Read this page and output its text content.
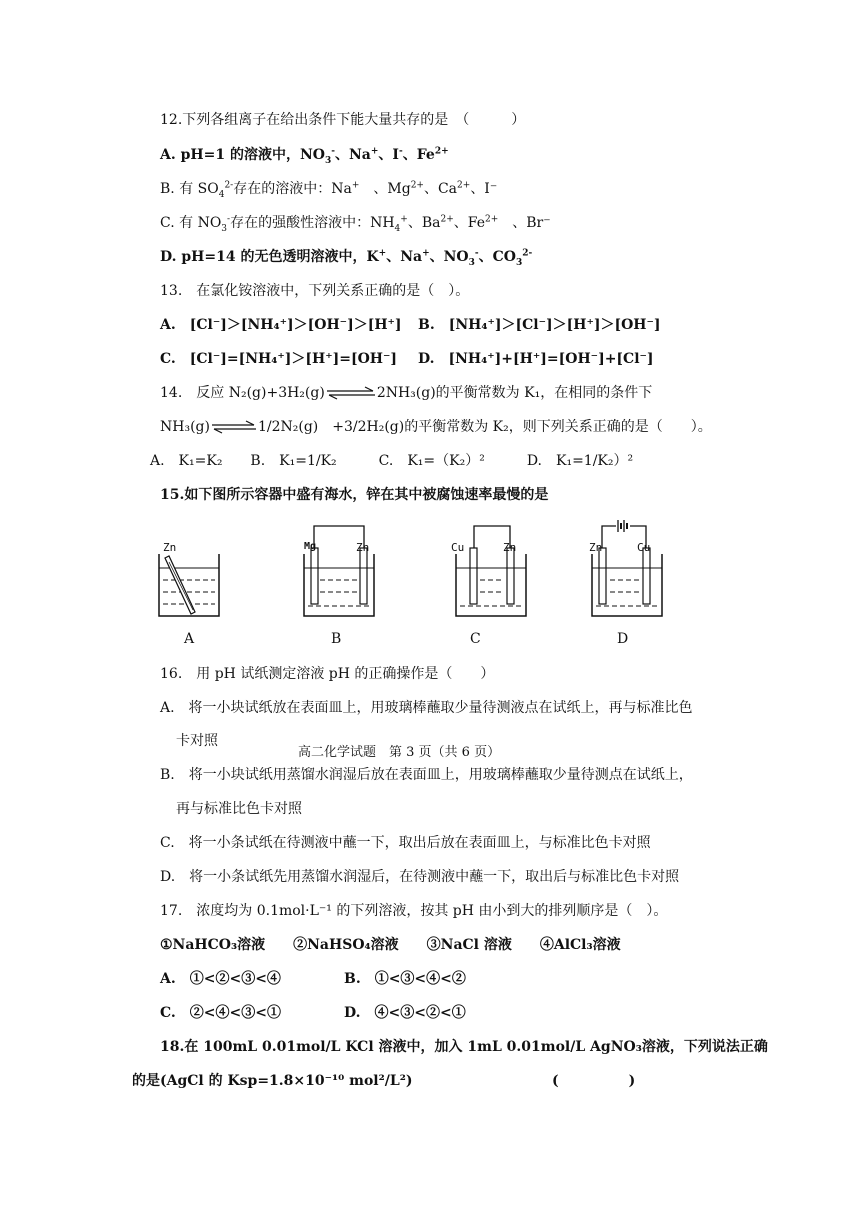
12.下列各组离子在给出条件下能大量共存的是　（　　　）
A. pH=1 的溶液中，$NO_3^-$、Na+、I-、$Fe^{2+}$
B. 有 $SO_4^{2-}$存在的溶液中：Na+　、$Mg^{2+}$、$Ca^{2+}$、I⁻
C. 有 $NO_3^-$存在的强酸性溶液中：$NH_4^+$、$Ba^{2+}$、$Fe^{2+}$　、Br⁻
D. pH=14 的无色透明溶液中，K+、Na+、$NO_3^-$、$CO_3^{2-}$
13.　在氯化铵溶液中，下列关系正确的是（　）。
A.　[Cl⁻]＞[NH₄⁺]＞[OH⁻]＞[H⁺] B.　[NH₄⁺]＞[Cl⁻]＞[H⁺]＞[OH⁻]
C.　[Cl⁻]=[NH₄⁺]＞[H⁺]=[OH⁻] D.　[NH₄⁺]+[H⁺]=[OH⁻]+[Cl⁻]
14.　反应 N₂(g)+3H₂(g)⇌2NH₃(g)的平衡常数为 K₁，在相同的条件下
NH₃(g)⇌1/2N₂(g)　+3/2H₂(g)的平衡常数为 K₂，则下列关系正确的是（　　）。
A.　K₁=K₂　　B.　K₁=1/K₂　　　C.　K₁=（K₂）²　　　D.　K₁=1/K₂）²
15.如下图所示容器中盛有海水，锌在其中被腐蚀速率最慢的是
Zn	Mg	Zn	Cu	Zn	Zn	Cu
A	B	C	D
16.　用 pH 试纸测定溶液 pH 的正确操作是（　　）
A.　将一小块试纸放在表面皿上，用玻璃棒蘸取少量待测液点在试纸上，再与标准比色
卡对照
高二化学试题　第 3 页（共 6 页）
B.　将一小块试纸用蒸馏水润湿后放在表面皿上，用玻璃棒蘸取少量待测点在试纸上，
再与标准比色卡对照
C.　将一小条试纸在待测液中蘸一下，取出后放在表面皿上，与标准比色卡对照
D.　将一小条试纸先用蒸馏水润湿后，在待测液中蘸一下，取出后与标准比色卡对照
17.　浓度均为 0.1mol·L⁻¹ 的下列溶液，按其 pH 由小到大的排列顺序是（　）。
①NaHCO₃溶液　　②NaHSO₄溶液　　③NaCl 溶液　　④AlCl₃溶液
A.　①<②<③<④	B.　①<③<④<②
C.　②<④<③<①	D.　④<③<②<①
18.在 100mL 0.01mol/L KCl 溶液中，加入 1mL 0.01mol/L AgNO₃溶液，下列说法正确
的是(AgCl 的 Ksp=1.8×10⁻¹⁰ mol²/L²)	(　　　　　)
